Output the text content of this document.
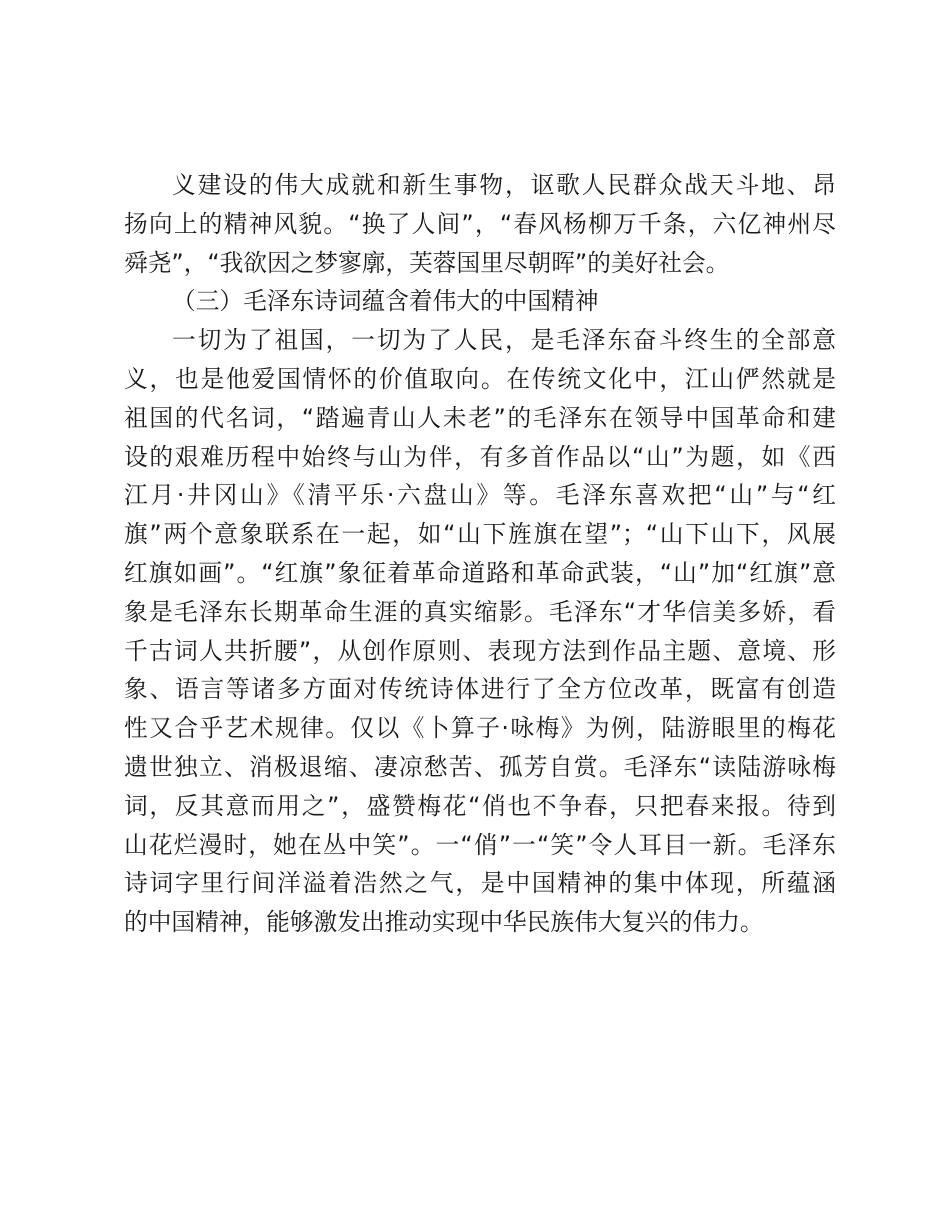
义建设的伟大成就和新生事物，讴歌人民群众战天斗地、昂
扬向上的精神风貌。“换了人间”，“春风杨柳万千条，六亿神州尽
舜尧”，“我欲因之梦寥廓，芙蓉国里尽朝晖”的美好社会。
（三）毛泽东诗词蕴含着伟大的中国精神
一切为了祖国，一切为了人民，是毛泽东奋斗终生的全部意
义，也是他爱国情怀的价值取向。在传统文化中，江山俨然就是
祖国的代名词，“踏遍青山人未老”的毛泽东在领导中国革命和建
设的艰难历程中始终与山为伴，有多首作品以“山”为题，如《西
江月·井冈山》《清平乐·六盘山》等。毛泽东喜欢把“山”与“红
旗”两个意象联系在一起，如“山下旌旗在望”；“山下山下，风展
红旗如画”。“红旗”象征着革命道路和革命武装，“山”加“红旗”意
象是毛泽东长期革命生涯的真实缩影。毛泽东“才华信美多娇，看
千古词人共折腰”，从创作原则、表现方法到作品主题、意境、形
象、语言等诸多方面对传统诗体进行了全方位改革，既富有创造
性又合乎艺术规律。仅以《卜算子·咏梅》为例，陆游眼里的梅花
遗世独立、消极退缩、凄凉愁苦、孤芳自赏。毛泽东“读陆游咏梅
词，反其意而用之”，盛赞梅花“俏也不争春，只把春来报。待到
山花烂漫时，她在丛中笑”。一“俏”一“笑”令人耳目一新。毛泽东
诗词字里行间洋溢着浩然之气，是中国精神的集中体现，所蕴涵
的中国精神，能够激发出推动实现中华民族伟大复兴的伟力。
